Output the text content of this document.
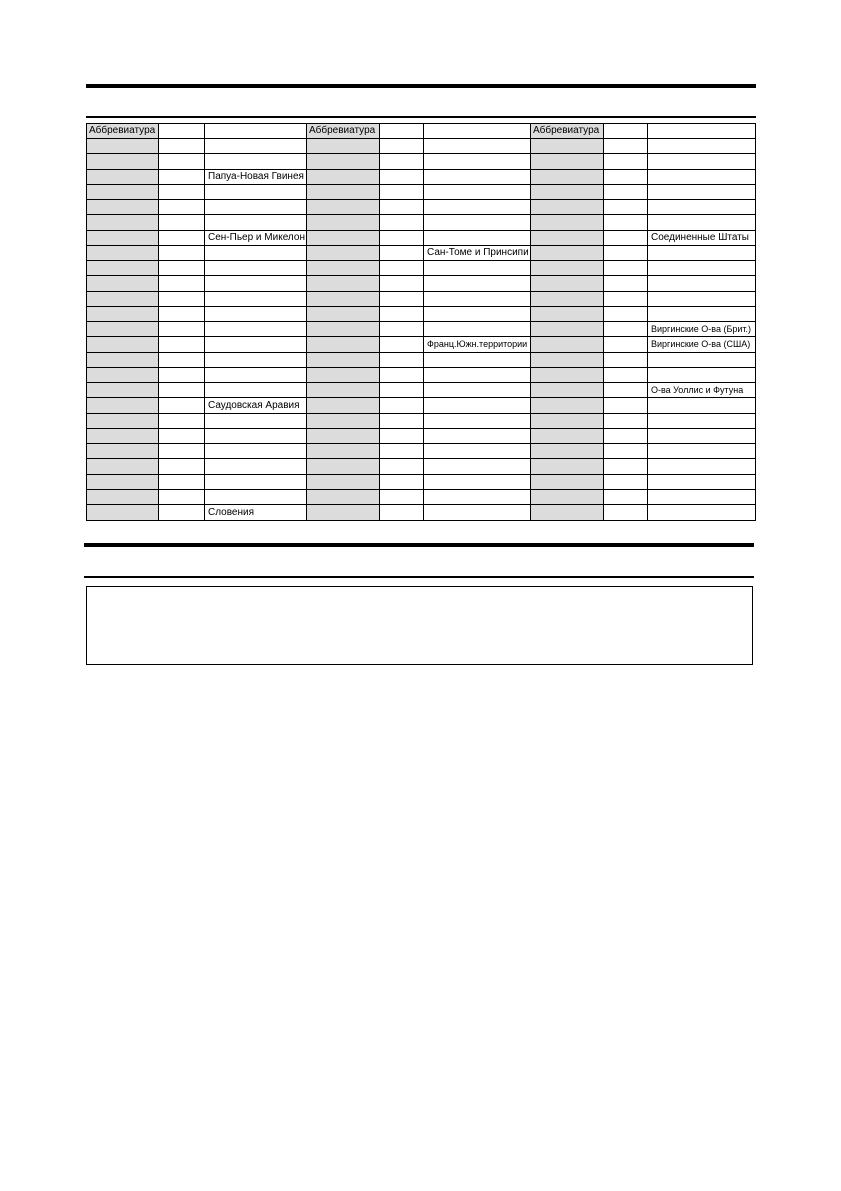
Аббревиатура
Папуа-Новая Гвинея
Сен-Пьер и Микелон
Саудовская Аравия
Словения
Аббревиатура
Сан-Томе и Принсипи
Франц.Южн.территории
Аббревиатура
Соединенные Штаты
Виргинские О-ва (Брит.)
Виргинские О-ва (США)
О-ва Уоллис и Футуна
